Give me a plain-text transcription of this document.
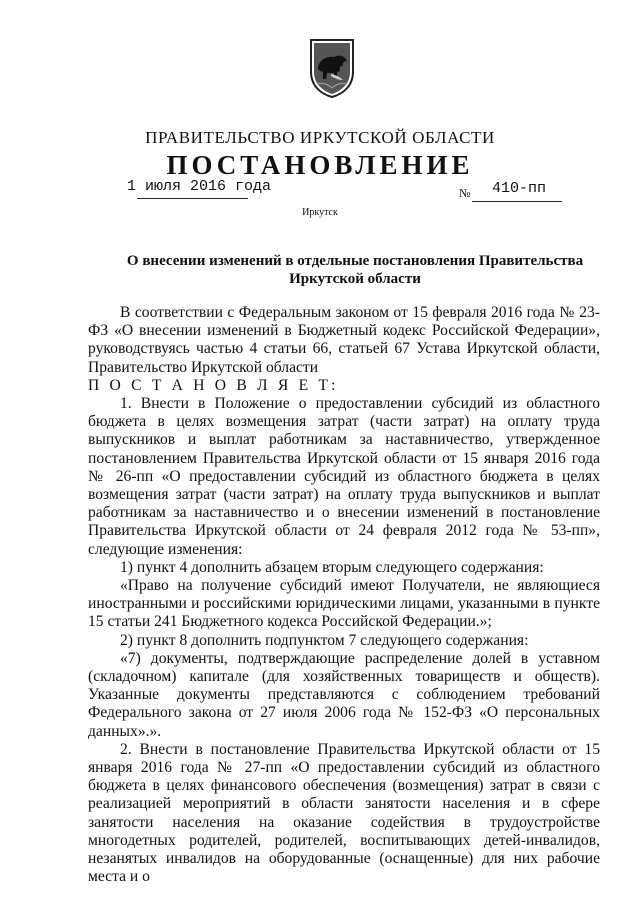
ПРАВИТЕЛЬСТВО ИРКУТСКОЙ ОБЛАСТИ
ПОСТАНОВЛЕНИЕ
1 июля 2016 года	№ 410-пп
Иркутск
О внесении изменений в отдельные постановления Правительства Иркутской области

В соответствии с Федеральным законом от 15 февраля 2016 года № 23-ФЗ «О внесении изменений в Бюджетный кодекс Российской Федерации», руководствуясь частью 4 статьи 66, статьей 67 Устава Иркутской области, Правительство Иркутской области

П О С Т А Н О В Л Я Е Т:

1. Внести в Положение о предоставлении субсидий из областного бюджета в целях возмещения затрат (части затрат) на оплату труда выпускников и выплат работникам за наставничество, утвержденное постановлением Правительства Иркутской области от 15 января 2016 года № 26-пп «О предоставлении субсидий из областного бюджета в целях возмещения затрат (части затрат) на оплату труда выпускников и выплат работникам за наставничество и о внесении изменений в постановление Правительства Иркутской области от 24 февраля 2012 года № 53-пп», следующие изменения:

1) пункт 4 дополнить абзацем вторым следующего содержания:

«Право на получение субсидий имеют Получатели, не являющиеся иностранными и российскими юридическими лицами, указанными в пункте 15 статьи 241 Бюджетного кодекса Российской Федерации.»;

2) пункт 8 дополнить подпунктом 7 следующего содержания:

«7) документы, подтверждающие распределение долей в уставном (складочном) капитале (для хозяйственных товариществ и обществ). Указанные документы представляются с соблюдением требований Федерального закона от 27 июля 2006 года № 152-ФЗ «О персональных данных».».

2. Внести в постановление Правительства Иркутской области от 15 января 2016 года № 27-пп «О предоставлении субсидий из областного бюджета в целях финансового обеспечения (возмещения) затрат в связи с реализацией мероприятий в области занятости населения и в сфере занятости населения на оказание содействия в трудоустройстве многодетных родителей, родителей, воспитывающих детей-инвалидов, незанятых инвалидов на оборудованные (оснащенные) для них рабочие места и о
